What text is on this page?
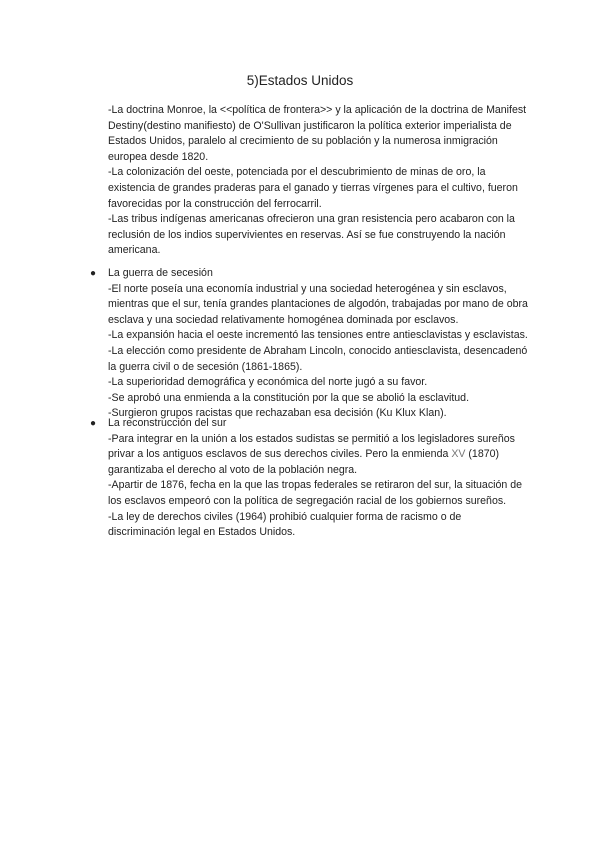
5)Estados Unidos

-La doctrina Monroe, la <<política de frontera>> y la aplicación de la doctrina de Manifest Destiny(destino manifiesto) de O'Sullivan justificaron la política exterior imperialista de Estados Unidos, paralelo al crecimiento de su población y la numerosa inmigración europea desde 1820.

-La colonización del oeste, potenciada por el descubrimiento de minas de oro, la existencia de grandes praderas para el ganado y tierras vírgenes para el cultivo, fueron favorecidas por la construcción del ferrocarril.

-Las tribus indígenas americanas ofrecieron una gran resistencia pero acabaron con la reclusión de los indios supervivientes en reservas. Así se fue construyendo la nación americana.

● La guerra de secesión

-El norte poseía una economía industrial y una sociedad heterogénea y sin esclavos, mientras que el sur, tenía grandes plantaciones de algodón, trabajadas por mano de obra esclava y una sociedad relativamente homogénea dominada por esclavos.

-La expansión hacia el oeste incrementó las tensiones entre antiesclavistas y esclavistas.

-La elección como presidente de Abraham Lincoln, conocido antiesclavista, desencadenó la guerra civil o de secesión (1861-1865).

-La superioridad demográfica y económica del norte jugó a su favor.

-Se aprobó una enmienda a la constitución por la que se abolió la esclavitud.

-Surgieron grupos racistas que rechazaban esa decisión (Ku Klux Klan).

● La reconstrucción del sur

-Para integrar en la unión a los estados sudistas se permitió a los legisladores sureños privar a los antiguos esclavos de sus derechos civiles. Pero la enmienda XV (1870) garantizaba el derecho al voto de la población negra.

-Apartir de 1876, fecha en la que las tropas federales se retiraron del sur, la situación de los esclavos empeoró con la política de segregación racial de los gobiernos sureños.

-La ley de derechos civiles (1964) prohibió cualquier forma de racismo o de discriminación legal en Estados Unidos.
